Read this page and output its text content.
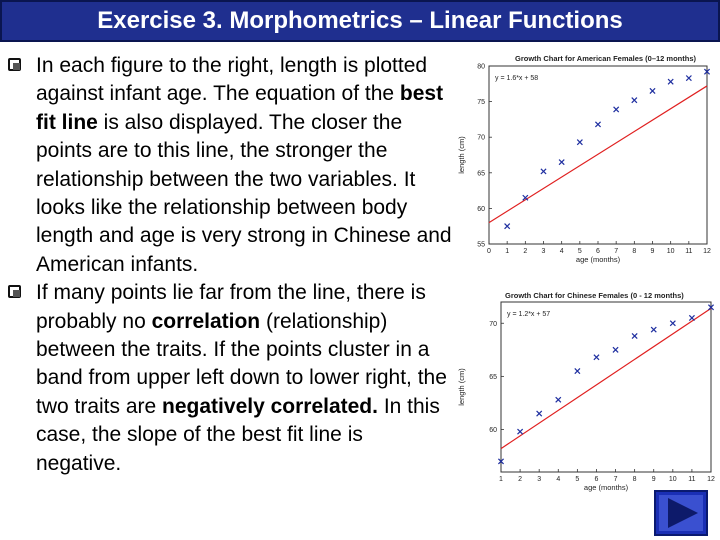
Exercise 3. Morphometrics – Linear Functions
In each figure to the right, length is plotted against infant age. The equation of the best fit line is also displayed. The closer the points are to this line, the stronger the relationship between the two variables. It looks like the relationship between body length and age is very strong in Chinese and American infants.
If many points lie far from the line, there is probably no correlation (relationship) between the traits. If the points cluster in a band from upper left down to lower right, the two traits are negatively correlated. In this case, the slope of the best fit line is negative.
Growth Chart for American Females (0–12 months)
y = 1.6*x + 58
0 1 2 3 4 5 6 7 8 9 10 11 12
55
60
65
70
75
80
age (months)
length (cm)
Growth Chart for Chinese Females (0 - 12 months)
y = 1.2*x + 57
1 2 3 4 5 6 7 8 9 10 11 12
60
65
70
age (months)
length (cm)
